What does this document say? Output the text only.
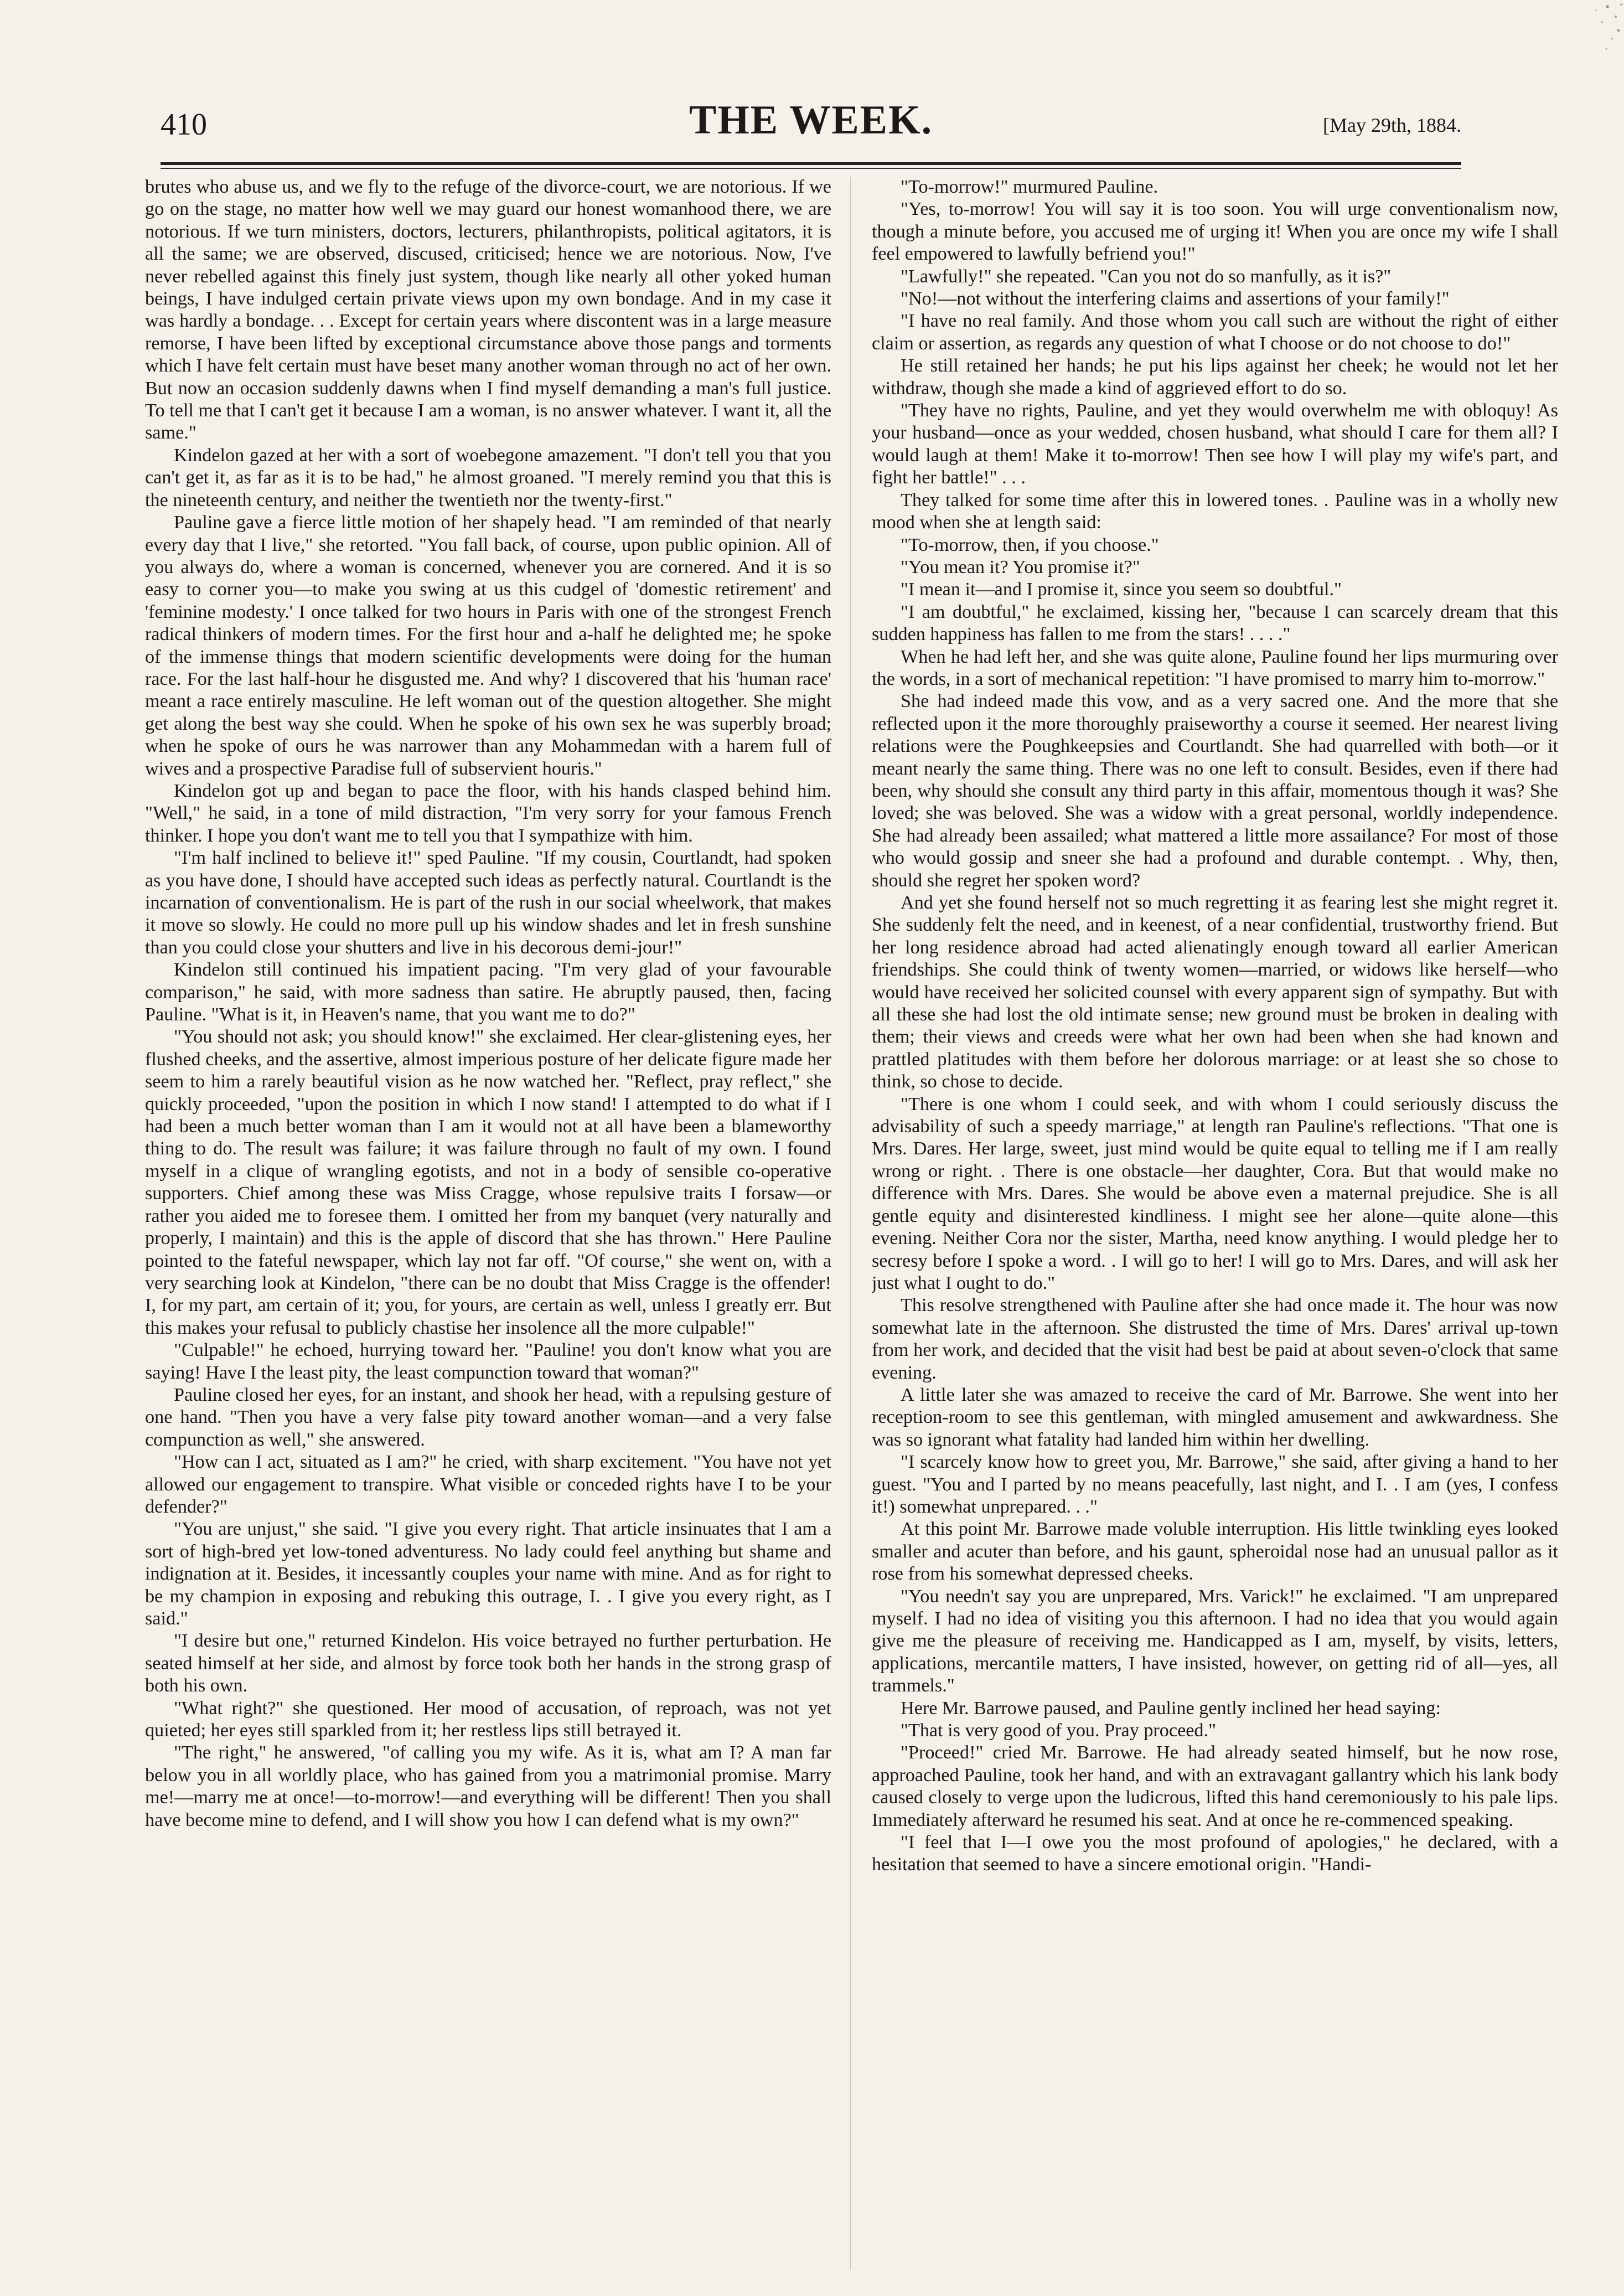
410	THE WEEK.	[May 29th, 1884.

brutes who abuse us, and we fly to the refuge of the divorce-court, we are notorious. If we go on the stage, no matter how well we may guard our honest womanhood there, we are notorious. If we turn ministers, doctors, lecturers, philanthropists, political agitators, it is all the same; we are observed, discused, criticised; hence we are notorious. Now, I've never rebelled against this finely just system, though like nearly all other yoked human beings, I have indulged certain private views upon my own bondage. And in my case it was hardly a bondage. . . Except for certain years where discontent was in a large measure remorse, I have been lifted by exceptional circumstance above those pangs and torments which I have felt certain must have beset many another woman through no act of her own. But now an occasion suddenly dawns when I find myself demanding a man's full justice. To tell me that I can't get it because I am a woman, is no answer whatever. I want it, all the same."

Kindelon gazed at her with a sort of woebegone amazement. "I don't tell you that you can't get it, as far as it is to be had," he almost groaned. "I merely remind you that this is the nineteenth century, and neither the twentieth nor the twenty-first."

Pauline gave a fierce little motion of her shapely head. "I am reminded of that nearly every day that I live," she retorted. "You fall back, of course, upon public opinion. All of you always do, where a woman is concerned, whenever you are cornered. And it is so easy to corner you—to make you swing at us this cudgel of 'domestic retirement' and 'feminine modesty.' I once talked for two hours in Paris with one of the strongest French radical thinkers of modern times. For the first hour and a-half he delighted me; he spoke of the immense things that modern scientific developments were doing for the human race. For the last half-hour he disgusted me. And why? I discovered that his 'human race' meant a race entirely masculine. He left woman out of the question altogether. She might get along the best way she could. When he spoke of his own sex he was superbly broad; when he spoke of ours he was narrower than any Mohammedan with a harem full of wives and a prospective Paradise full of subservient houris."

Kindelon got up and began to pace the floor, with his hands clasped behind him. "Well," he said, in a tone of mild distraction, "I'm very sorry for your famous French thinker. I hope you don't want me to tell you that I sympathize with him.

"I'm half inclined to believe it!" sped Pauline. "If my cousin, Courtlandt, had spoken as you have done, I should have accepted such ideas as perfectly natural. Courtlandt is the incarnation of conventionalism. He is part of the rush in our social wheelwork, that makes it move so slowly. He could no more pull up his window shades and let in fresh sunshine than you could close your shutters and live in his decorous demi-jour!"

Kindelon still continued his impatient pacing. "I'm very glad of your favourable comparison," he said, with more sadness than satire. He abruptly paused, then, facing Pauline. "What is it, in Heaven's name, that you want me to do?"

"You should not ask; you should know!" she exclaimed. Her clear-glistening eyes, her flushed cheeks, and the assertive, almost imperious posture of her delicate figure made her seem to him a rarely beautiful vision as he now watched her. "Reflect, pray reflect," she quickly proceeded, "upon the position in which I now stand! I attempted to do what if I had been a much better woman than I am it would not at all have been a blameworthy thing to do. The result was failure; it was failure through no fault of my own. I found myself in a clique of wrangling egotists, and not in a body of sensible co-operative supporters. Chief among these was Miss Cragge, whose repulsive traits I forsaw—or rather you aided me to foresee them. I omitted her from my banquet (very naturally and properly, I maintain) and this is the apple of discord that she has thrown." Here Pauline pointed to the fateful newspaper, which lay not far off. "Of course," she went on, with a very searching look at Kindelon, "there can be no doubt that Miss Cragge is the offender! I, for my part, am certain of it; you, for yours, are certain as well, unless I greatly err. But this makes your refusal to publicly chastise her insolence all the more culpable!"

"Culpable!" he echoed, hurrying toward her. "Pauline! you don't know what you are saying! Have I the least pity, the least compunction toward that woman?"

Pauline closed her eyes, for an instant, and shook her head, with a repulsing gesture of one hand. "Then you have a very false pity toward another woman—and a very false compunction as well," she answered.

"How can I act, situated as I am?" he cried, with sharp excitement. "You have not yet allowed our engagement to transpire. What visible or conceded rights have I to be your defender?"

"You are unjust," she said. "I give you every right. That article insinuates that I am a sort of high-bred yet low-toned adventuress. No lady could feel anything but shame and indignation at it. Besides, it incessantly couples your name with mine. And as for right to be my champion in exposing and rebuking this outrage, I. . I give you every right, as I said."

"I desire but one," returned Kindelon. His voice betrayed no further perturbation. He seated himself at her side, and almost by force took both her hands in the strong grasp of both his own.

"What right?" she questioned. Her mood of accusation, of reproach, was not yet quieted; her eyes still sparkled from it; her restless lips still betrayed it.

"The right," he answered, "of calling you my wife. As it is, what am I? A man far below you in all worldly place, who has gained from you a matrimonial promise. Marry me!—marry me at once!—to-morrow!—and everything will be different! Then you shall have become mine to defend, and I will show you how I can defend what is my own?"

"To-morrow!" murmured Pauline.

"Yes, to-morrow! You will say it is too soon. You will urge conventionalism now, though a minute before, you accused me of urging it! When you are once my wife I shall feel empowered to lawfully befriend you!"

"Lawfully!" she repeated. "Can you not do so manfully, as it is?"

"No!—not without the interfering claims and assertions of your family!"

"I have no real family. And those whom you call such are without the right of either claim or assertion, as regards any question of what I choose or do not choose to do!"

He still retained her hands; he put his lips against her cheek; he would not let her withdraw, though she made a kind of aggrieved effort to do so.

"They have no rights, Pauline, and yet they would overwhelm me with obloquy! As your husband—once as your wedded, chosen husband, what should I care for them all? I would laugh at them! Make it to-morrow! Then see how I will play my wife's part, and fight her battle!" . . .

They talked for some time after this in lowered tones. . Pauline was in a wholly new mood when she at length said:

"To-morrow, then, if you choose."

"You mean it? You promise it?"

"I mean it—and I promise it, since you seem so doubtful."

"I am doubtful," he exclaimed, kissing her, "because I can scarcely dream that this sudden happiness has fallen to me from the stars! . . . ."

When he had left her, and she was quite alone, Pauline found her lips murmuring over the words, in a sort of mechanical repetition: "I have promised to marry him to-morrow."

She had indeed made this vow, and as a very sacred one. And the more that she reflected upon it the more thoroughly praiseworthy a course it seemed. Her nearest living relations were the Poughkeepsies and Courtlandt. She had quarrelled with both—or it meant nearly the same thing. There was no one left to consult. Besides, even if there had been, why should she consult any third party in this affair, momentous though it was? She loved; she was beloved. She was a widow with a great personal, worldly independence. She had already been assailed; what mattered a little more assailance? For most of those who would gossip and sneer she had a profound and durable contempt. . Why, then, should she regret her spoken word?

And yet she found herself not so much regretting it as fearing lest she might regret it. She suddenly felt the need, and in keenest, of a near confidential, trustworthy friend. But her long residence abroad had acted alienatingly enough toward all earlier American friendships. She could think of twenty women—married, or widows like herself—who would have received her solicited counsel with every apparent sign of sympathy. But with all these she had lost the old intimate sense; new ground must be broken in dealing with them; their views and creeds were what her own had been when she had known and prattled platitudes with them before her dolorous marriage: or at least she so chose to think, so chose to decide.

"There is one whom I could seek, and with whom I could seriously discuss the advisability of such a speedy marriage," at length ran Pauline's reflections. "That one is Mrs. Dares. Her large, sweet, just mind would be quite equal to telling me if I am really wrong or right. . There is one obstacle—her daughter, Cora. But that would make no difference with Mrs. Dares. She would be above even a maternal prejudice. She is all gentle equity and disinterested kindliness. I might see her alone—quite alone—this evening. Neither Cora nor the sister, Martha, need know anything. I would pledge her to secresy before I spoke a word. . I will go to her! I will go to Mrs. Dares, and will ask her just what I ought to do."

This resolve strengthened with Pauline after she had once made it. The hour was now somewhat late in the afternoon. She distrusted the time of Mrs. Dares' arrival up-town from her work, and decided that the visit had best be paid at about seven-o'clock that same evening.

A little later she was amazed to receive the card of Mr. Barrowe. She went into her reception-room to see this gentleman, with mingled amusement and awkwardness. She was so ignorant what fatality had landed him within her dwelling.

"I scarcely know how to greet you, Mr. Barrowe," she said, after giving a hand to her guest. "You and I parted by no means peacefully, last night, and I. . I am (yes, I confess it!) somewhat unprepared. . ."

At this point Mr. Barrowe made voluble interruption. His little twinkling eyes looked smaller and acuter than before, and his gaunt, spheroidal nose had an unusual pallor as it rose from his somewhat depressed cheeks.

"You needn't say you are unprepared, Mrs. Varick!" he exclaimed. "I am unprepared myself. I had no idea of visiting you this afternoon. I had no idea that you would again give me the pleasure of receiving me. Handicapped as I am, myself, by visits, letters, applications, mercantile matters, I have insisted, however, on getting rid of all—yes, all trammels."

Here Mr. Barrowe paused, and Pauline gently inclined her head saying:

"That is very good of you. Pray proceed."

"Proceed!" cried Mr. Barrowe. He had already seated himself, but he now rose, approached Pauline, took her hand, and with an extravagant gallantry which his lank body caused closely to verge upon the ludicrous, lifted this hand ceremoniously to his pale lips. Immediately afterward he resumed his seat. And at once he re-commenced speaking.

"I feel that I—I owe you the most profound of apologies," he declared, with a hesitation that seemed to have a sincere emotional origin. "Handi-
